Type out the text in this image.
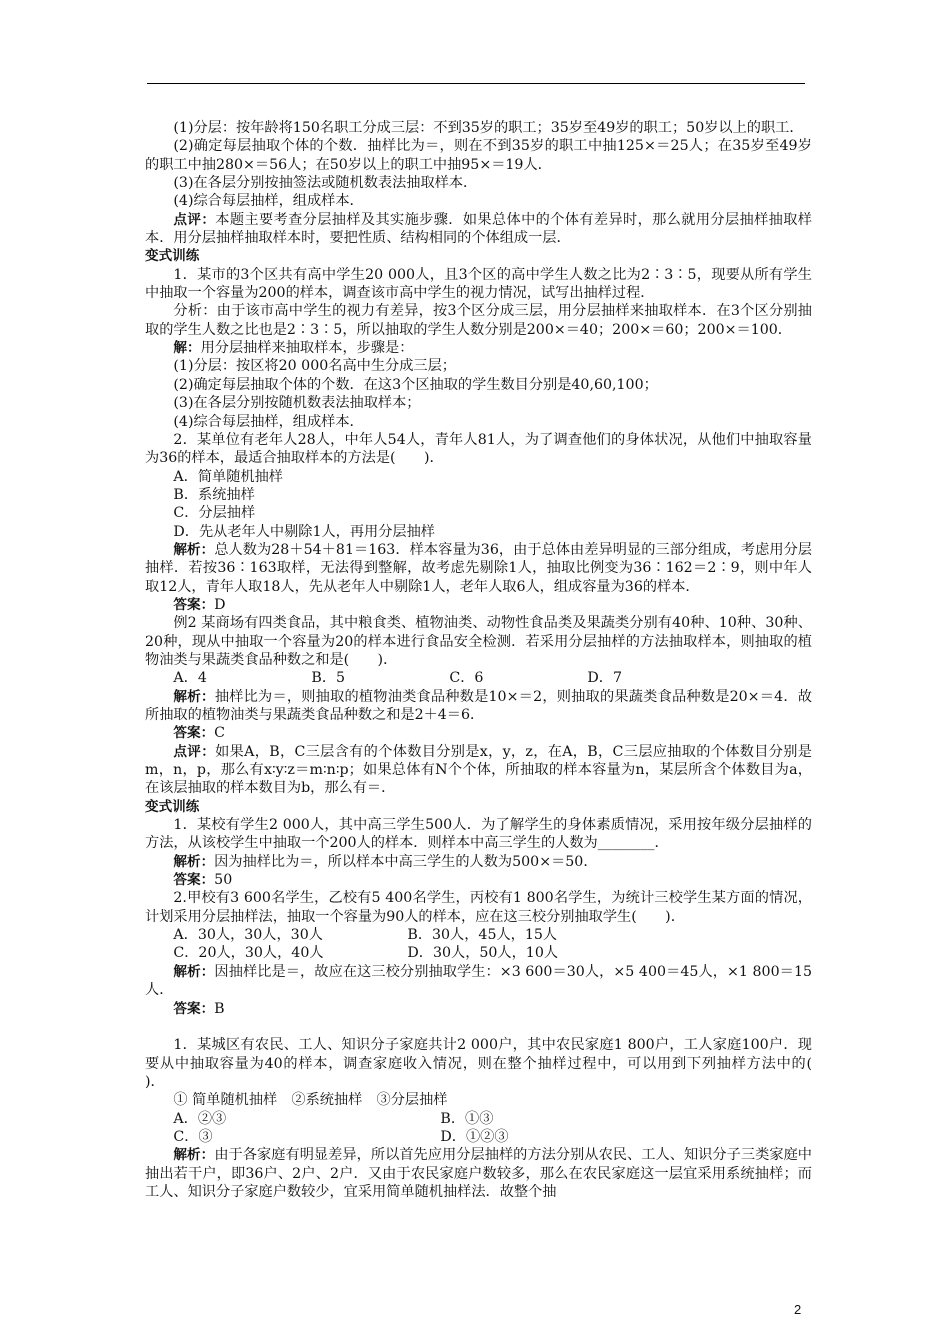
(1)分层：按年龄将150名职工分成三层：不到35岁的职工；35岁至49岁的职工；50岁以上的职工．

(2)确定每层抽取个体的个数．抽样比为＝，则在不到35岁的职工中抽125×＝25人；在35岁至49岁的职工中抽280×＝56人；在50岁以上的职工中抽95×＝19人．

(3)在各层分别按抽签法或随机数表法抽取样本．

(4)综合每层抽样，组成样本．

点评：本题主要考查分层抽样及其实施步骤．如果总体中的个体有差异时，那么就用分层抽样抽取样本．用分层抽样抽取样本时，要把性质、结构相同的个体组成一层．

变式训练

1．某市的3个区共有高中学生20 000人，且3个区的高中学生人数之比为2∶3∶5，现要从所有学生中抽取一个容量为200的样本，调查该市高中学生的视力情况，试写出抽样过程．

分析：由于该市高中学生的视力有差异，按3个区分成三层，用分层抽样来抽取样本．在3个区分别抽取的学生人数之比也是2∶3∶5，所以抽取的学生人数分别是200×＝40；200×＝60；200×＝100．

解：用分层抽样来抽取样本，步骤是：

(1)分层：按区将20 000名高中生分成三层；

(2)确定每层抽取个体的个数．在这3个区抽取的学生数目分别是40,60,100；

(3)在各层分别按随机数表法抽取样本；

(4)综合每层抽样，组成样本．

2．某单位有老年人28人，中年人54人，青年人81人，为了调查他们的身体状况，从他们中抽取容量为36的样本，最适合抽取样本的方法是(　　)．

A．简单随机抽样

B．系统抽样

C．分层抽样

D．先从老年人中剔除1人，再用分层抽样

解析：总人数为28＋54＋81＝163．样本容量为36，由于总体由差异明显的三部分组成，考虑用分层抽样．若按36∶163取样，无法得到整解，故考虑先剔除1人，抽取比例变为36∶162＝2∶9，则中年人取12人，青年人取18人，先从老年人中剔除1人，老年人取6人，组成容量为36的样本．

答案：D

例2 某商场有四类食品，其中粮食类、植物油类、动物性食品类及果蔬类分别有40种、10种、30种、20种，现从中抽取一个容量为20的样本进行食品安全检测．若采用分层抽样的方法抽取样本，则抽取的植物油类与果蔬类食品种数之和是(　　)．

A．4	B．5	C．6	D．7

解析：抽样比为＝，则抽取的植物油类食品种数是10×＝2，则抽取的果蔬类食品种数是20×＝4．故所抽取的植物油类与果蔬类食品种数之和是2＋4＝6．

答案：C

点评：如果A，B，C三层含有的个体数目分别是x，y，z，在A，B，C三层应抽取的个体数目分别是m，n，p，那么有x∶y∶z＝m∶n∶p；如果总体有N个个体，所抽取的样本容量为n，某层所含个体数目为a，在该层抽取的样本数目为b，那么有＝．

变式训练

1．某校有学生2 000人，其中高三学生500人．为了解学生的身体素质情况，采用按年级分层抽样的方法，从该校学生中抽取一个200人的样本．则样本中高三学生的人数为________．

解析：因为抽样比为＝，所以样本中高三学生的人数为500×＝50．

答案：50

2.甲校有3 600名学生，乙校有5 400名学生，丙校有1 800名学生，为统计三校学生某方面的情况，计划采用分层抽样法，抽取一个容量为90人的样本，应在这三校分别抽取学生(　　)．

A．30人，30人，30人	B．30人，45人，15人
C．20人，30人，40人	D．30人，50人，10人

解析：因抽样比是＝，故应在这三校分别抽取学生：×3 600＝30人，×5 400＝45人，×1 800＝15人．

答案：B

1．某城区有农民、工人、知识分子家庭共计2 000户，其中农民家庭1 800户，工人家庭100户．现要从中抽取容量为40的样本，调查家庭收入情况，则在整个抽样过程中，可以用到下列抽样方法中的(　　)．

① 简单随机抽样　②系统抽样　③分层抽样

A．②③	B．①③
C．③	D．①②③

解析：由于各家庭有明显差异，所以首先应用分层抽样的方法分别从农民、工人、知识分子三类家庭中抽出若干户，即36户、2户、2户．又由于农民家庭户数较多，那么在农民家庭这一层宜采用系统抽样；而工人、知识分子家庭户数较少，宜采用简单随机抽样法．故整个抽

2
